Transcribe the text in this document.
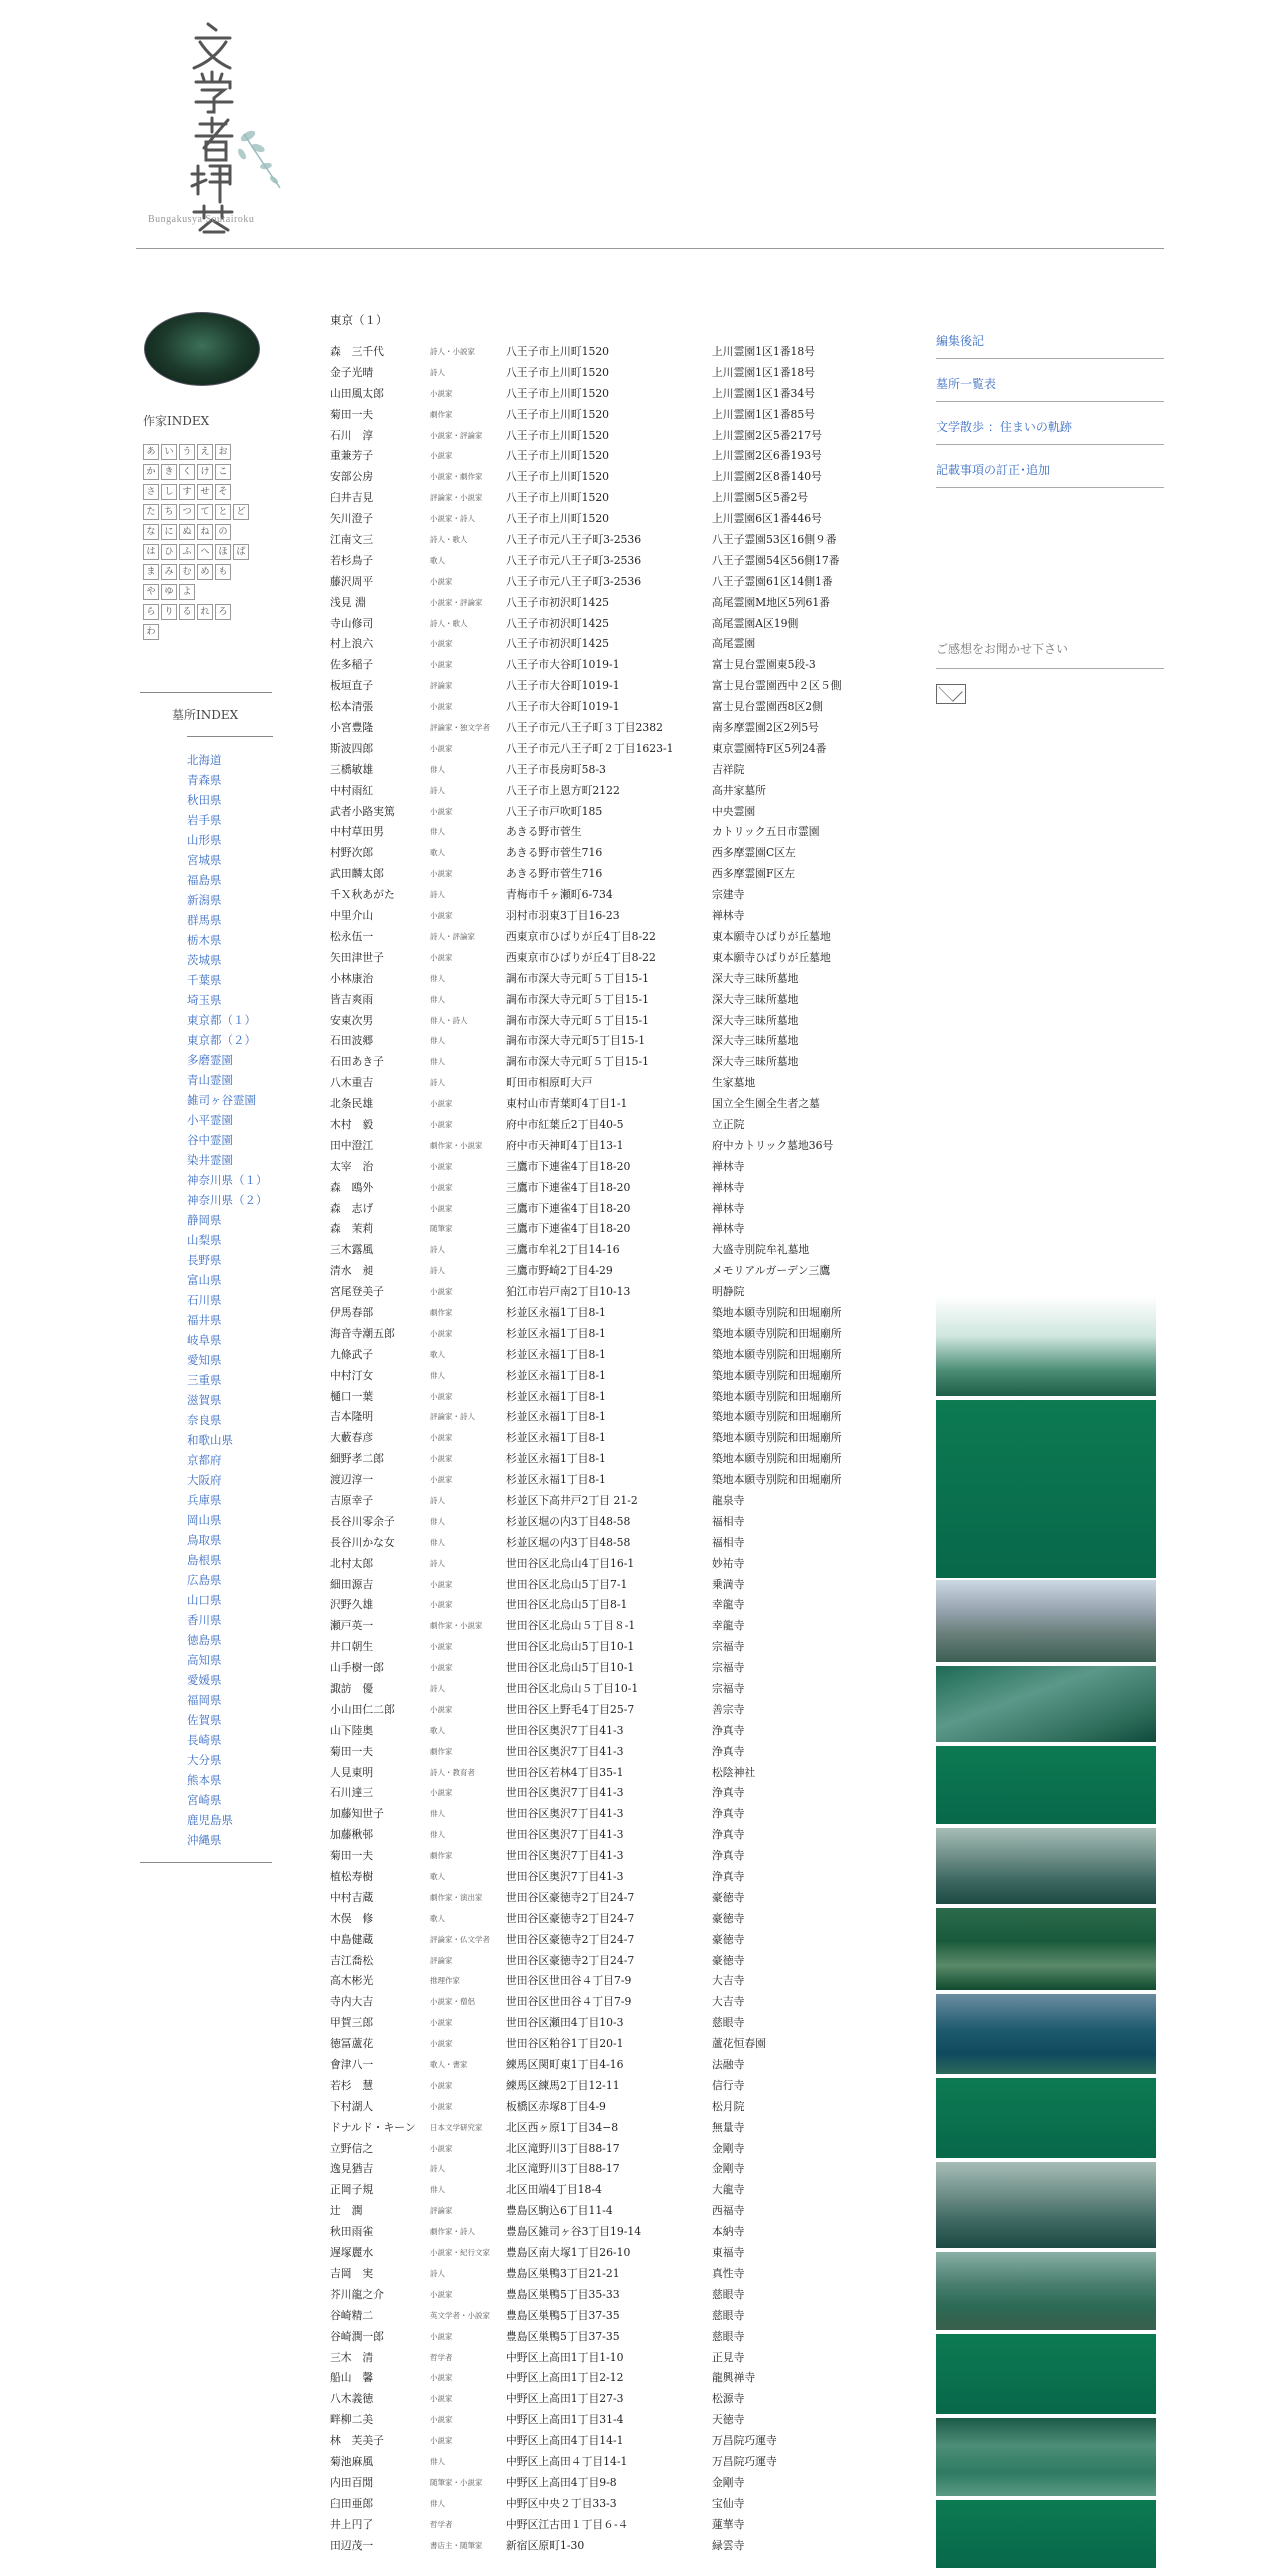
Bungakusya Soutairoku
作家INDEX
あ い う え お
か き く け こ
さ し す せ そ
た ち つ て と ど
な に ぬ ね の
は ひ ふ へ ほ ぱ
ま み む め も
や ゆ よ
ら り る れ ろ
わ
墓所INDEX
北海道
青森県
秋田県
岩手県
山形県
宮城県
福島県
新潟県
群馬県
栃木県
茨城県
千葉県
埼玉県
東京都（１）
東京都（２）
多磨霊園
青山霊園
雑司ヶ谷霊園
小平霊園
谷中霊園
染井霊園
神奈川県（１）
神奈川県（２）
静岡県
山梨県
長野県
富山県
石川県
福井県
岐阜県
愛知県
三重県
滋賀県
奈良県
和歌山県
京都府
大阪府
兵庫県
岡山県
鳥取県
島根県
広島県
山口県
香川県
徳島県
高知県
愛媛県
福岡県
佐賀県
長崎県
大分県
熊本県
宮崎県
鹿児島県
沖縄県
東京（１）
森　三千代	詩人・小説家	八王子市上川町1520	上川霊園1区1番18号
金子光晴	詩人	八王子市上川町1520	上川霊園1区1番18号
山田風太郎	小説家	八王子市上川町1520	上川霊園1区1番34号
菊田一夫	劇作家	八王子市上川町1520	上川霊園1区1番85号
石川　淳	小説家・評論家	八王子市上川町1520	上川霊園2区5番217号
重兼芳子	小説家	八王子市上川町1520	上川霊園2区6番193号
安部公房	小説家・劇作家	八王子市上川町1520	上川霊園2区8番140号
臼井吉見	評論家・小説家	八王子市上川町1520	上川霊園5区5番2号
矢川澄子	小説家・詩人	八王子市上川町1520	上川霊園6区1番446号
江南文三	詩人・歌人	八王子市元八王子町3-2536	八王子霊園53区16側９番
若杉鳥子	歌人	八王子市元八王子町3-2536	八王子霊園54区56側17番
藤沢周平	小説家	八王子市元八王子町3-2536	八王子霊園61区14側1番
浅見 淵	小説家・評論家	八王子市初沢町1425	高尾霊園M地区5列61番
寺山修司	詩人・歌人	八王子市初沢町1425	高尾霊園A区19側
村上浪六	小説家	八王子市初沢町1425	高尾霊園
佐多稲子	小説家	八王子市大谷町1019-1	富士見台霊園東5段-3
板垣直子	評論家	八王子市大谷町1019-1	富士見台霊園西中２区５側
松本清張	小説家	八王子市大谷町1019-1	富士見台霊園西8区2側
小宮豊隆	評論家・独文学者	八王子市元八王子町３丁目2382	南多摩霊園2区2列5号
斯波四郎	小説家	八王子市元八王子町２丁目1623-1	東京霊園特F区5列24番
三橋敏雄	俳人	八王子市長房町58-3	吉祥院
中村雨紅	詩人	八王子市上恩方町2122	高井家墓所
武者小路実篤	小説家	八王子市戸吹町185	中央霊園
中村草田男	俳人	あきる野市菅生	カトリック五日市霊園
村野次郎	歌人	あきる野市菅生716	西多摩霊園C区左
武田麟太郎	小説家	あきる野市菅生716	西多摩霊園F区左
千Ｘ秋あがた	詩人	青梅市千ヶ瀬町6-734	宗建寺
中里介山	小説家	羽村市羽東3丁目16-23	禅林寺
松永伍一	詩人・評論家	西東京市ひばりが丘4丁目8-22	東本願寺ひばりが丘墓地
矢田津世子	小説家	西東京市ひばりが丘4丁目8-22	東本願寺ひばりが丘墓地
小林康治	俳人	調布市深大寺元町５丁目15-1	深大寺三昧所墓地
皆吉爽雨	俳人	調布市深大寺元町５丁目15-1	深大寺三昧所墓地
安東次男	俳人・詩人	調布市深大寺元町５丁目15-1	深大寺三昧所墓地
石田波郷	俳人	調布市深大寺元町5丁目15-1	深大寺三昧所墓地
石田あき子	俳人	調布市深大寺元町５丁目15-1	深大寺三昧所墓地
八木重吉	詩人	町田市相原町大戸	生家墓地
北条民雄	小説家	東村山市青葉町4丁目1-1	国立全生園全生者之墓
木村　毅	小説家	府中市紅葉丘2丁目40-5	立正院
田中澄江	劇作家・小説家	府中市天神町4丁目13-1	府中カトリック墓地36号
太宰　治	小説家	三鷹市下連雀4丁目18-20	禅林寺
森　鴎外	小説家	三鷹市下連雀4丁目18-20	禅林寺
森　志げ	小説家	三鷹市下連雀4丁目18-20	禅林寺
森　茉莉	随筆家	三鷹市下連雀4丁目18-20	禅林寺
三木露風	詩人	三鷹市牟礼2丁目14-16	大盛寺別院牟礼墓地
清水　昶	詩人	三鷹市野崎2丁目4-29	メモリアルガーデン三鷹
宮尾登美子	小説家	狛江市岩戸南2丁目10-13	明静院
伊馬春部	劇作家	杉並区永福1丁目8-1	築地本願寺別院和田堀廟所
海音寺潮五郎	小説家	杉並区永福1丁目8-1	築地本願寺別院和田堀廟所
九條武子	歌人	杉並区永福1丁目8-1	築地本願寺別院和田堀廟所
中村汀女	俳人	杉並区永福1丁目8-1	築地本願寺別院和田堀廟所
樋口一葉	小説家	杉並区永福1丁目8-1	築地本願寺別院和田堀廟所
吉本隆明	評論家・詩人	杉並区永福1丁目8-1	築地本願寺別院和田堀廟所
大藪春彦	小説家	杉並区永福1丁目8-1	築地本願寺別院和田堀廟所
細野孝二郎	小説家	杉並区永福1丁目8-1	築地本願寺別院和田堀廟所
渡辺淳一	小説家	杉並区永福1丁目8-1	築地本願寺別院和田堀廟所
吉原幸子	詩人	杉並区下高井戸2丁目 21-2	龍泉寺
長谷川零余子	俳人	杉並区堀の内3丁目48-58	福相寺
長谷川かな女	俳人	杉並区堀の内3丁目48-58	福相寺
北村太郎	詩人	世田谷区北烏山4丁目16-1	妙祐寺
細田源吉	小説家	世田谷区北烏山5丁目7-1	乗満寺
沢野久雄	小説家	世田谷区北烏山5丁目8-1	幸龍寺
瀬戸英一	劇作家・小説家	世田谷区北烏山５丁目８-1	幸龍寺
井口朝生	小説家	世田谷区北烏山5丁目10-1	宗福寺
山手樹一郎	小説家	世田谷区北烏山5丁目10-1	宗福寺
諏訪　優	詩人	世田谷区北烏山５丁目10-1	宗福寺
小山田仁二郎	小説家	世田谷区上野毛4丁目25-7	善宗寺
山下陸奥	歌人	世田谷区奥沢7丁目41-3	浄真寺
菊田一夫	劇作家	世田谷区奥沢7丁目41-3	浄真寺
人見東明	詩人・教育者	世田谷区若林4丁目35-1	松陰神社
石川達三	小説家	世田谷区奥沢7丁目41-3	浄真寺
加藤知世子	俳人	世田谷区奥沢7丁目41-3	浄真寺
加藤楸邨	俳人	世田谷区奥沢7丁目41-3	浄真寺
菊田一夫	劇作家	世田谷区奥沢7丁目41-3	浄真寺
植松寿樹	歌人	世田谷区奥沢7丁目41-3	浄真寺
中村吉蔵	劇作家・演出家	世田谷区豪徳寺2丁目24-7	豪徳寺
木俣　修	歌人	世田谷区豪徳寺2丁目24-7	豪徳寺
中島健蔵	評論家・仏文学者	世田谷区豪徳寺2丁目24-7	豪徳寺
吉江喬松	評論家	世田谷区豪徳寺2丁目24-7	豪徳寺
高木彬光	推理作家	世田谷区世田谷４丁目7-9	大吉寺
寺内大吉	小説家・僧侶	世田谷区世田谷４丁目7-9	大吉寺
甲賀三郎	小説家	世田谷区瀬田4丁目10-3	慈眼寺
徳冨蘆花	小説家	世田谷区粕谷1丁目20-1	蘆花恒春園
會津八一	歌人・書家	練馬区関町東1丁目4-16	法融寺
若杉　慧	小説家	練馬区練馬2丁目12-11	信行寺
下村湖人	小説家	板橋区赤塚8丁目4-9	松月院
ドナルド・キーン	日本文学研究家	北区西ヶ原1丁目34−8	無量寺
立野信之	小説家	北区滝野川3丁目88-17	金剛寺
逸見猶吉	詩人	北区滝野川3丁目88-17	金剛寺
正岡子規	俳人	北区田端4丁目18-4	大龍寺
辻　潤	評論家	豊島区駒込6丁目11-4	西福寺
秋田雨雀	劇作家・詩人	豊島区雑司ヶ谷3丁目19-14	本納寺
遅塚麗水	小説家・紀行文家	豊島区南大塚1丁目26-10	東福寺
吉岡　実	詩人	豊島区巣鴨3丁目21-21	真性寺
芥川龍之介	小説家	豊島区巣鴨5丁目35-33	慈眼寺
谷崎精二	英文学者・小説家	豊島区巣鴨5丁目37-35	慈眼寺
谷崎潤一郎	小説家	豊島区巣鴨5丁目37-35	慈眼寺
三木　清	哲学者	中野区上高田1丁目1-10	正見寺
船山　馨	小説家	中野区上高田1丁目2-12	龍興禅寺
八木義徳	小説家	中野区上高田1丁目27-3	松源寺
畔柳二美	小説家	中野区上高田1丁目31-4	天徳寺
林　芙美子	小説家	中野区上高田4丁目14-1	万昌院巧運寺
菊池麻風	俳人	中野区上高田４丁目14-1	万昌院巧運寺
内田百閒	随筆家・小説家	中野区上高田4丁目9-8	金剛寺
臼田亜郎	俳人	中野区中央２丁目33-3	宝仙寺
井上円了	哲学者	中野区江古田１丁目６-４	蓮華寺
田辺茂一	書店主・随筆家	新宿区原町1-30	緑雲寺
編集後記
墓所一覧表
文学散歩 ：住まいの軌跡
記載事項の訂正･追加
ご感想をお聞かせ下さい
